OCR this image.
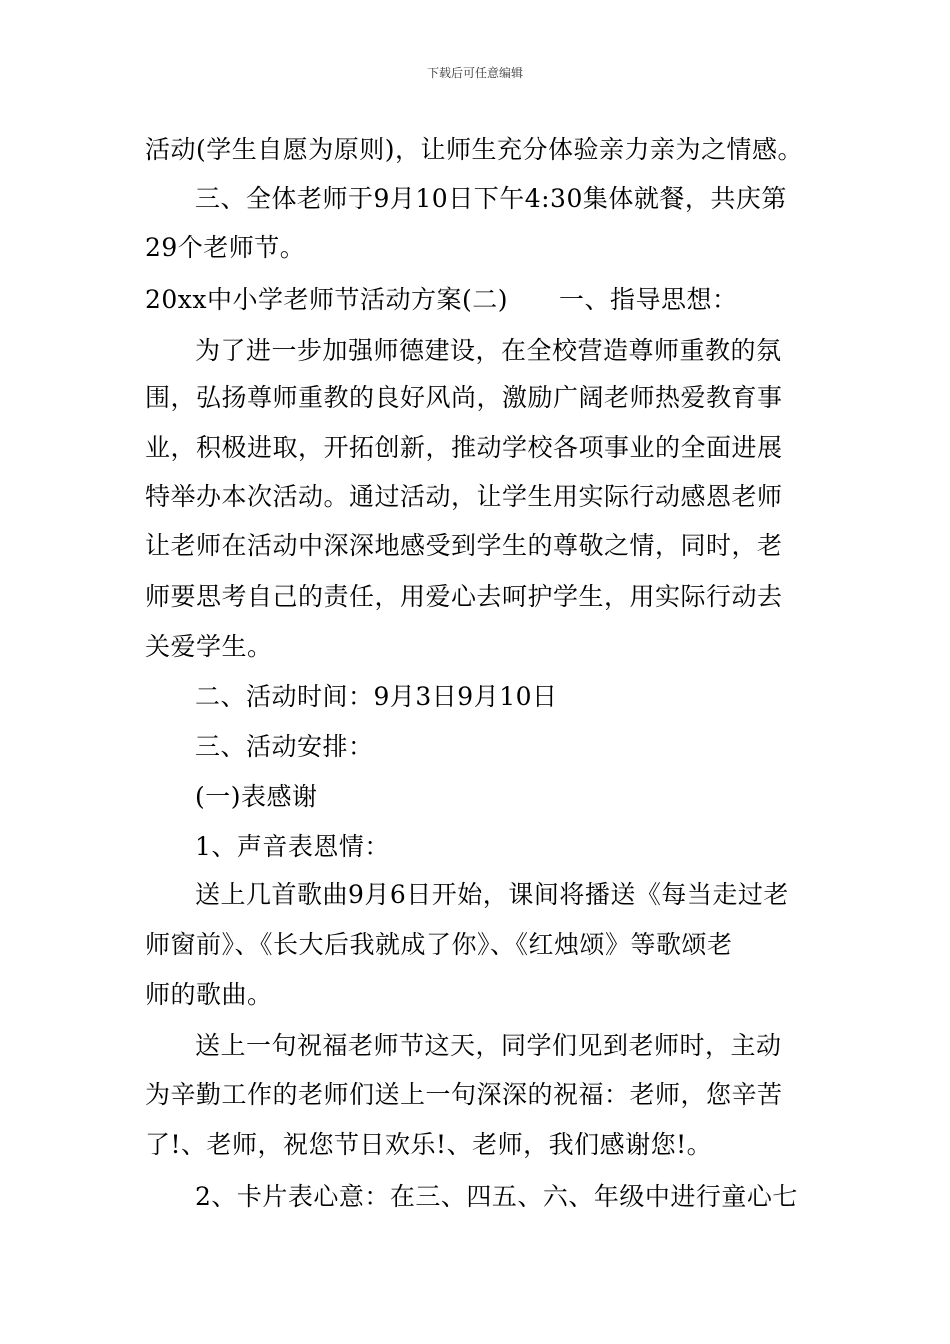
下载后可任意编辑
活动(学生自愿为原则)，让师生充分体验亲力亲为之情感。
三、全体老师于9月10日下午4:30集体就餐，共庆第
29个老师节。
20xx中小学老师节活动方案(二)　　一、指导思想：
为了进一步加强师德建设，在全校营造尊师重教的氛
围，弘扬尊师重教的良好风尚，激励广阔老师热爱教育事
业，积极进取，开拓创新，推动学校各项事业的全面进展
特举办本次活动。通过活动，让学生用实际行动感恩老师
让老师在活动中深深地感受到学生的尊敬之情，同时，老
师要思考自己的责任，用爱心去呵护学生，用实际行动去
关爱学生。
二、活动时间：9月3日9月10日
三、活动安排：
(一)表感谢
1、声音表恩情：
送上几首歌曲9月6日开始，课间将播送《每当走过老
师窗前》、《长大后我就成了你》、《红烛颂》等歌颂老
师的歌曲。
送上一句祝福老师节这天，同学们见到老师时，主动
为辛勤工作的老师们送上一句深深的祝福：老师，您辛苦
了!、老师，祝您节日欢乐!、老师，我们感谢您!。
2、卡片表心意：在三、四五、六、年级中进行童心七
